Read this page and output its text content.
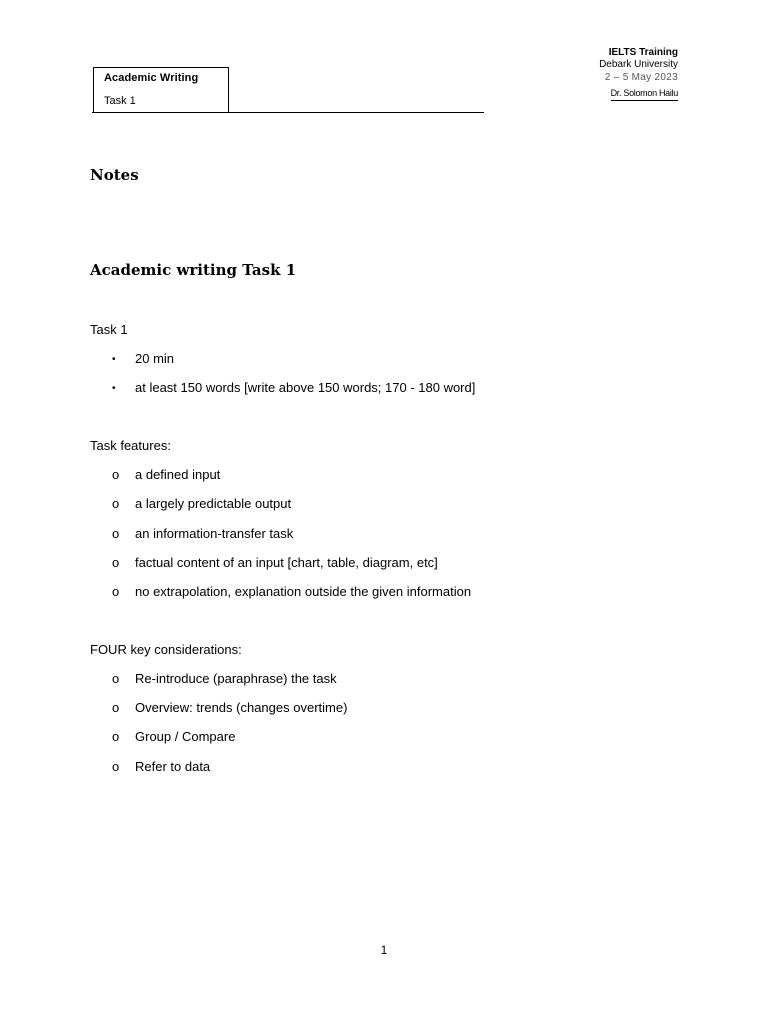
Academic Writing
Task 1
IELTS Training
Debark University
2 – 5 May 2023
Dr. Solomon Hailu
Notes
Academic writing Task 1
Task 1
• 20 min
• at least 150 words [write above 150 words; 170 - 180 word]
Task features:
o a defined input
o a largely predictable output
o an information-transfer task
o factual content of an input [chart, table, diagram, etc]
o no extrapolation, explanation outside the given information
FOUR key considerations:
o Re-introduce (paraphrase) the task
o Overview: trends (changes overtime)
o Group / Compare
o Refer to data
1
